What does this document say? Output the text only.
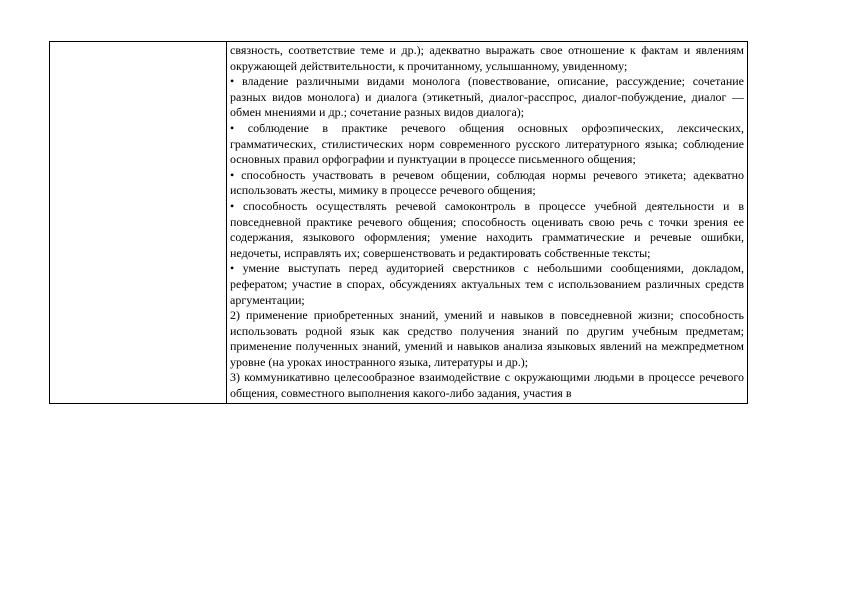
связность, соответствие теме и др.); адекватно выражать свое отношение к фактам и явлениям окружающей действительности, к прочитанному, услышанному, увиденному;

• владение различными видами монолога (повествование, описание, рассуждение; сочетание разных видов монолога) и диалога (этикетный, диалог-расспрос, диалог-побуждение, диалог — обмен мнениями и др.; сочетание разных видов диалога);

• соблюдение в практике речевого общения основных орфоэпических, лексических, грамматических, стилистических норм современного русского литературного языка; соблюдение основных правил орфографии и пунктуации в процессе письменного общения;

• способность участвовать в речевом общении, соблюдая нормы речевого этикета; адекватно использовать жесты, мимику в процессе речевого общения;

• способность осуществлять речевой самоконтроль в процессе учебной деятельности и в повседневной практике речевого общения; способность оценивать свою речь с точки зрения ее содержания, языкового оформления; умение находить грамматические и речевые ошибки, недочеты, исправлять их; совершенствовать и редактировать собственные тексты;

• умение выступать перед аудиторией сверстников с небольшими сообщениями, докладом, рефератом; участие в спорах, обсуждениях актуальных тем с использованием различных средств аргументации;

2) применение приобретенных знаний, умений и навыков в повседневной жизни; способность использовать родной язык как средство получения знаний по другим учебным предметам; применение полученных знаний, умений и навыков анализа языковых явлений на межпредметном уровне (на уроках иностранного языка, литературы и др.);

3) коммуникативно целесообразное взаимодействие с окружающими людьми в процессе речевого общения, совместного выполнения какого-либо задания, участия в
